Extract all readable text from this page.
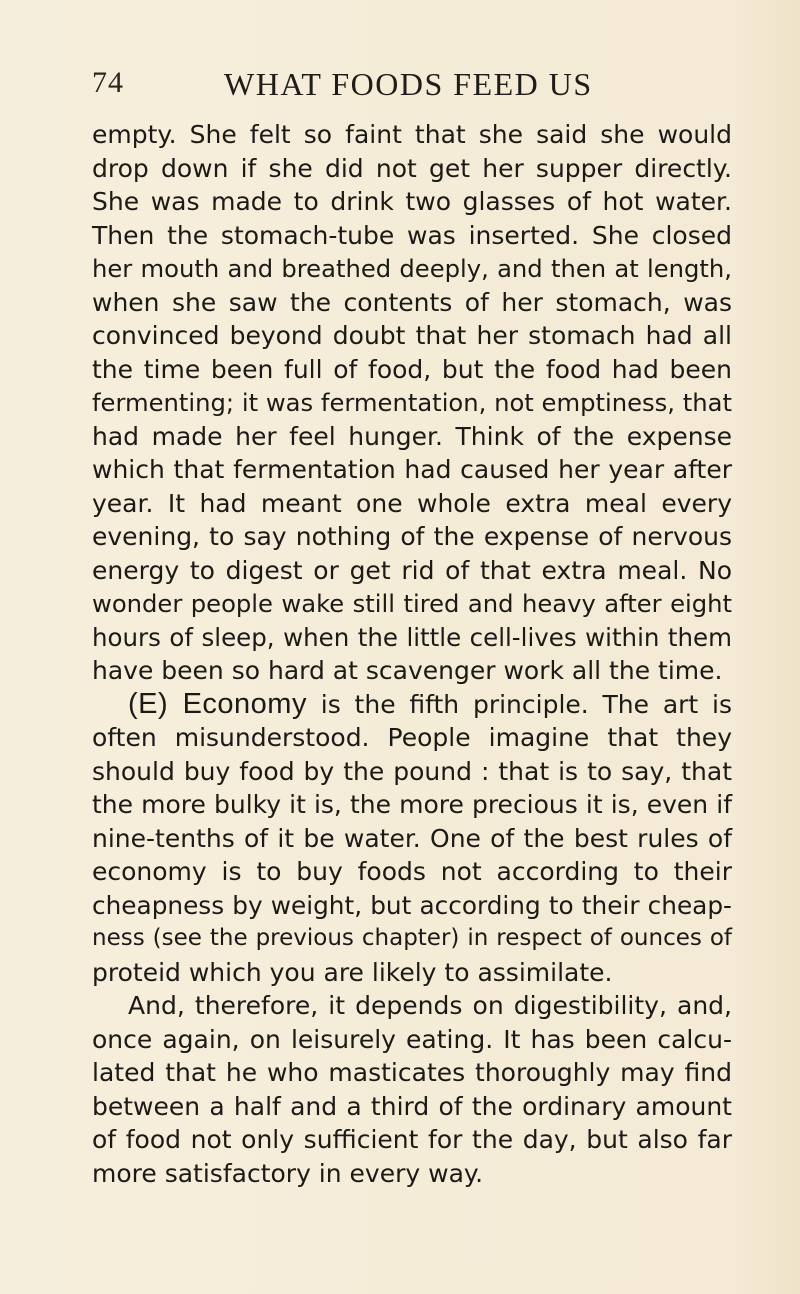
74	WHAT FOODS FEED US

empty. She felt so faint that she said she would
drop down if she did not get her supper directly.
She was made to drink two glasses of hot water.
Then the stomach-tube was inserted. She closed
her mouth and breathed deeply, and then at length,
when she saw the contents of her stomach, was
convinced beyond doubt that her stomach had all
the time been full of food, but the food had been
fermenting; it was fermentation, not emptiness, that
had made her feel hunger. Think of the expense
which that fermentation had caused her year after
year. It had meant one whole extra meal every
evening, to say nothing of the expense of nervous
energy to digest or get rid of that extra meal. No
wonder people wake still tired and heavy after eight
hours of sleep, when the little cell-lives within them
have been so hard at scavenger work all the time.

(E) Economy is the fifth principle. The art is
often misunderstood. People imagine that they
should buy food by the pound : that is to say, that
the more bulky it is, the more precious it is, even if
nine-tenths of it be water. One of the best rules of
economy is to buy foods not according to their
cheapness by weight, but according to their cheap-
ness (see the previous chapter) in respect of ounces of
proteid which you are likely to assimilate.

And, therefore, it depends on digestibility, and,
once again, on leisurely eating. It has been calcu-
lated that he who masticates thoroughly may find
between a half and a third of the ordinary amount
of food not only sufficient for the day, but also far
more satisfactory in every way.
